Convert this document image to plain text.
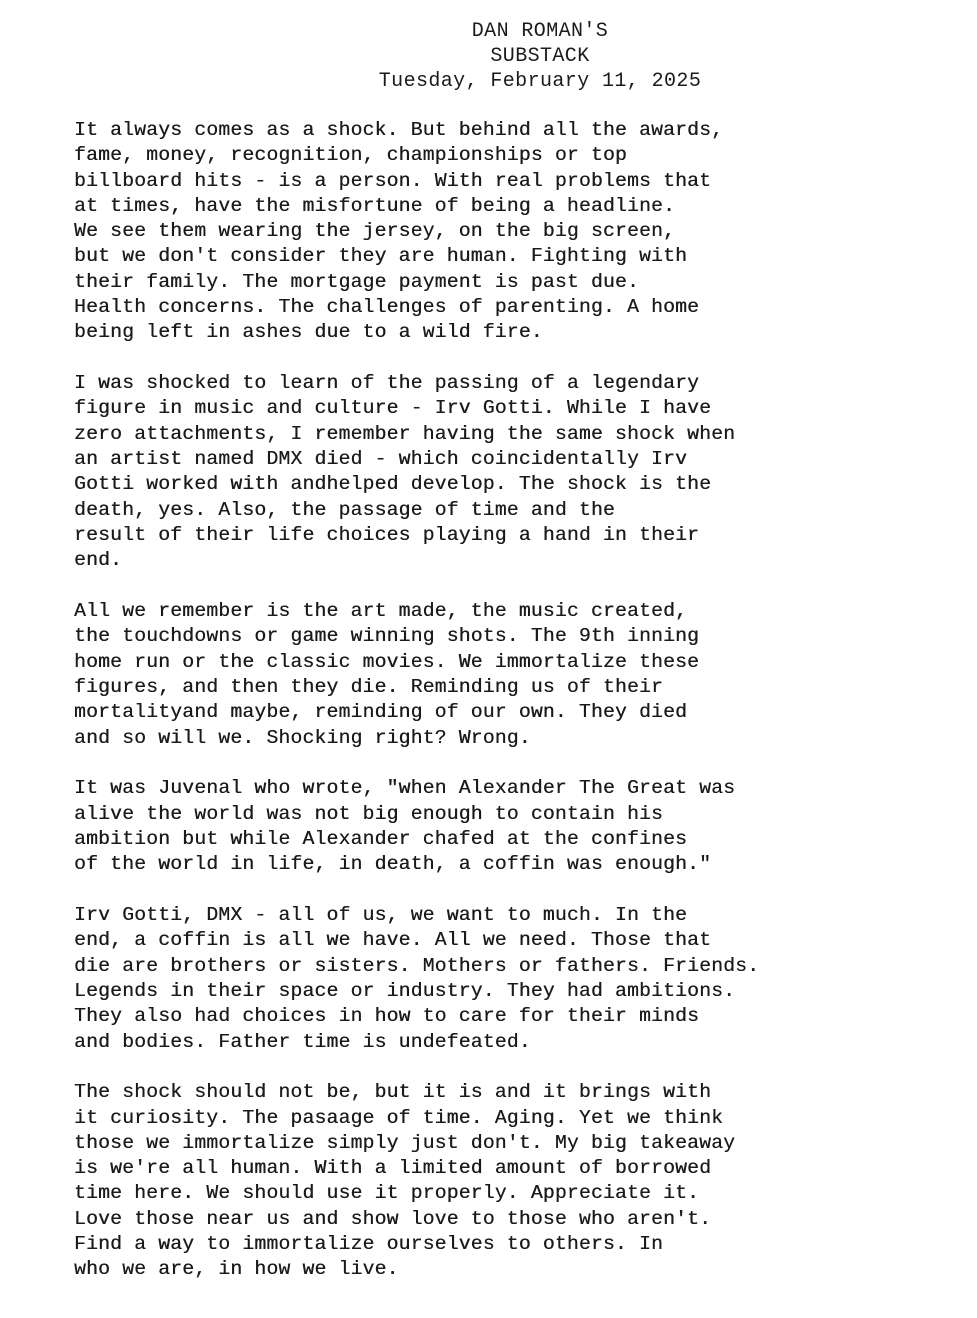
DAN ROMAN'S
SUBSTACK
Tuesday, February 11, 2025
It always comes as a shock. But behind all the awards,
fame, money, recognition, championships or top
billboard hits - is a person. With real problems that
at times, have the misfortune of being a headline.
We see them wearing the jersey, on the big screen,
but we don't consider they are human. Fighting with
their family. The mortgage payment is past due.
Health concerns. The challenges of parenting. A home
being left in ashes due to a wild fire.
I was shocked to learn of the passing of a legendary
figure in music and culture - Irv Gotti. While I have
zero attachments, I remember having the same shock when
an artist named DMX died - which coincidentally Irv
Gotti worked with andhelped develop. The shock is the
death, yes. Also, the passage of time and the
result of their life choices playing a hand in their
end.
All we remember is the art made, the music created,
the touchdowns or game winning shots. The 9th inning
home run or the classic movies. We immortalize these
figures, and then they die. Reminding us of their
mortalityand maybe, reminding of our own. They died
and so will we. Shocking right? Wrong.
It was Juvenal who wrote, "when Alexander The Great was
alive the world was not big enough to contain his
ambition but while Alexander chafed at the confines
of the world in life, in death, a coffin was enough."
Irv Gotti, DMX - all of us, we want to much. In the
end, a coffin is all we have. All we need. Those that
die are brothers or sisters. Mothers or fathers. Friends.
Legends in their space or industry. They had ambitions.
They also had choices in how to care for their minds
and bodies. Father time is undefeated.
The shock should not be, but it is and it brings with
it curiosity. The pasaage of time. Aging. Yet we think
those we immortalize simply just don't. My big takeaway
is we're all human. With a limited amount of borrowed
time here. We should use it properly. Appreciate it.
Love those near us and show love to those who aren't.
Find a way to immortalize ourselves to others. In
who we are, in how we live.
